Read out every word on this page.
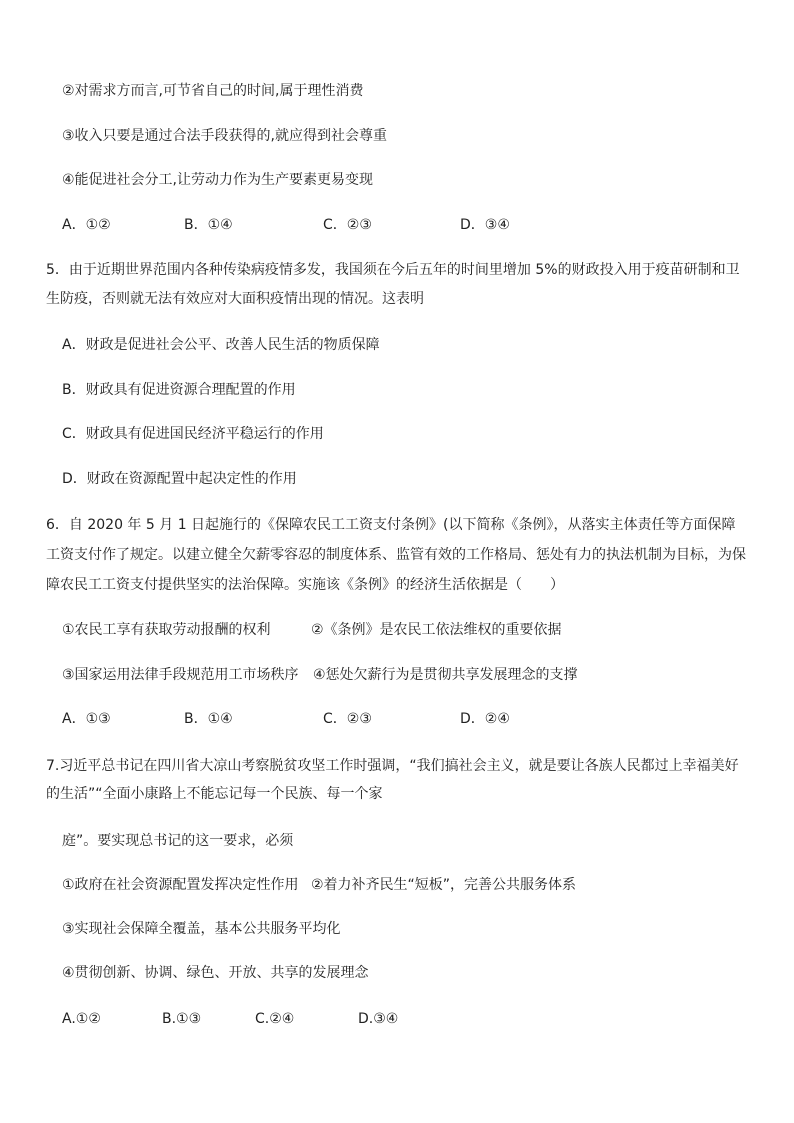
②对需求方而言,可节省自己的时间,属于理性消费
③收入只要是通过合法手段获得的,就应得到社会尊重
④能促进社会分工,让劳动力作为生产要素更易变现
A．①②	B．①④	C．②③	D．③④
5．由于近期世界范围内各种传染病疫情多发，我国须在今后五年的时间里增加 5%的财政投入用于疫苗研制和卫生防疫，否则就无法有效应对大面积疫情出现的情况。这表明
A．财政是促进社会公平、改善人民生活的物质保障
B．财政具有促进资源合理配置的作用
C．财政具有促进国民经济平稳运行的作用
D．财政在资源配置中起决定性的作用
6．自 2020 年 5 月 1 日起施行的《保障农民工工资支付条例》(以下简称《条例》，从落实主体责任等方面保障工资支付作了规定。以建立健全欠薪零容忍的制度体系、监管有效的工作格局、惩处有力的执法机制为目标，为保障农民工工资支付提供坚实的法治保障。实施该《条例》的经济生活依据是（　　）
①农民工享有获取劳动报酬的权利	②《条例》是农民工依法维权的重要依据
③国家运用法律手段规范用工市场秩序 ④惩处欠薪行为是贯彻共享发展理念的支撑
A．①③	B．①④	C．②③	D．②④
7.习近平总书记在四川省大凉山考察脱贫攻坚工作时强调，“我们搞社会主义，就是要让各族人民都过上幸福美好的生活”“全面小康路上不能忘记每一个民族、每一个家
庭”。要实现总书记的这一要求，必须
①政府在社会资源配置发挥决定性作用 ②着力补齐民生“短板”，完善公共服务体系
③实现社会保障全覆盖，基本公共服务平均化
④贯彻创新、协调、绿色、开放、共享的发展理念
A.①②	B.①③	C.②④	D.③④
